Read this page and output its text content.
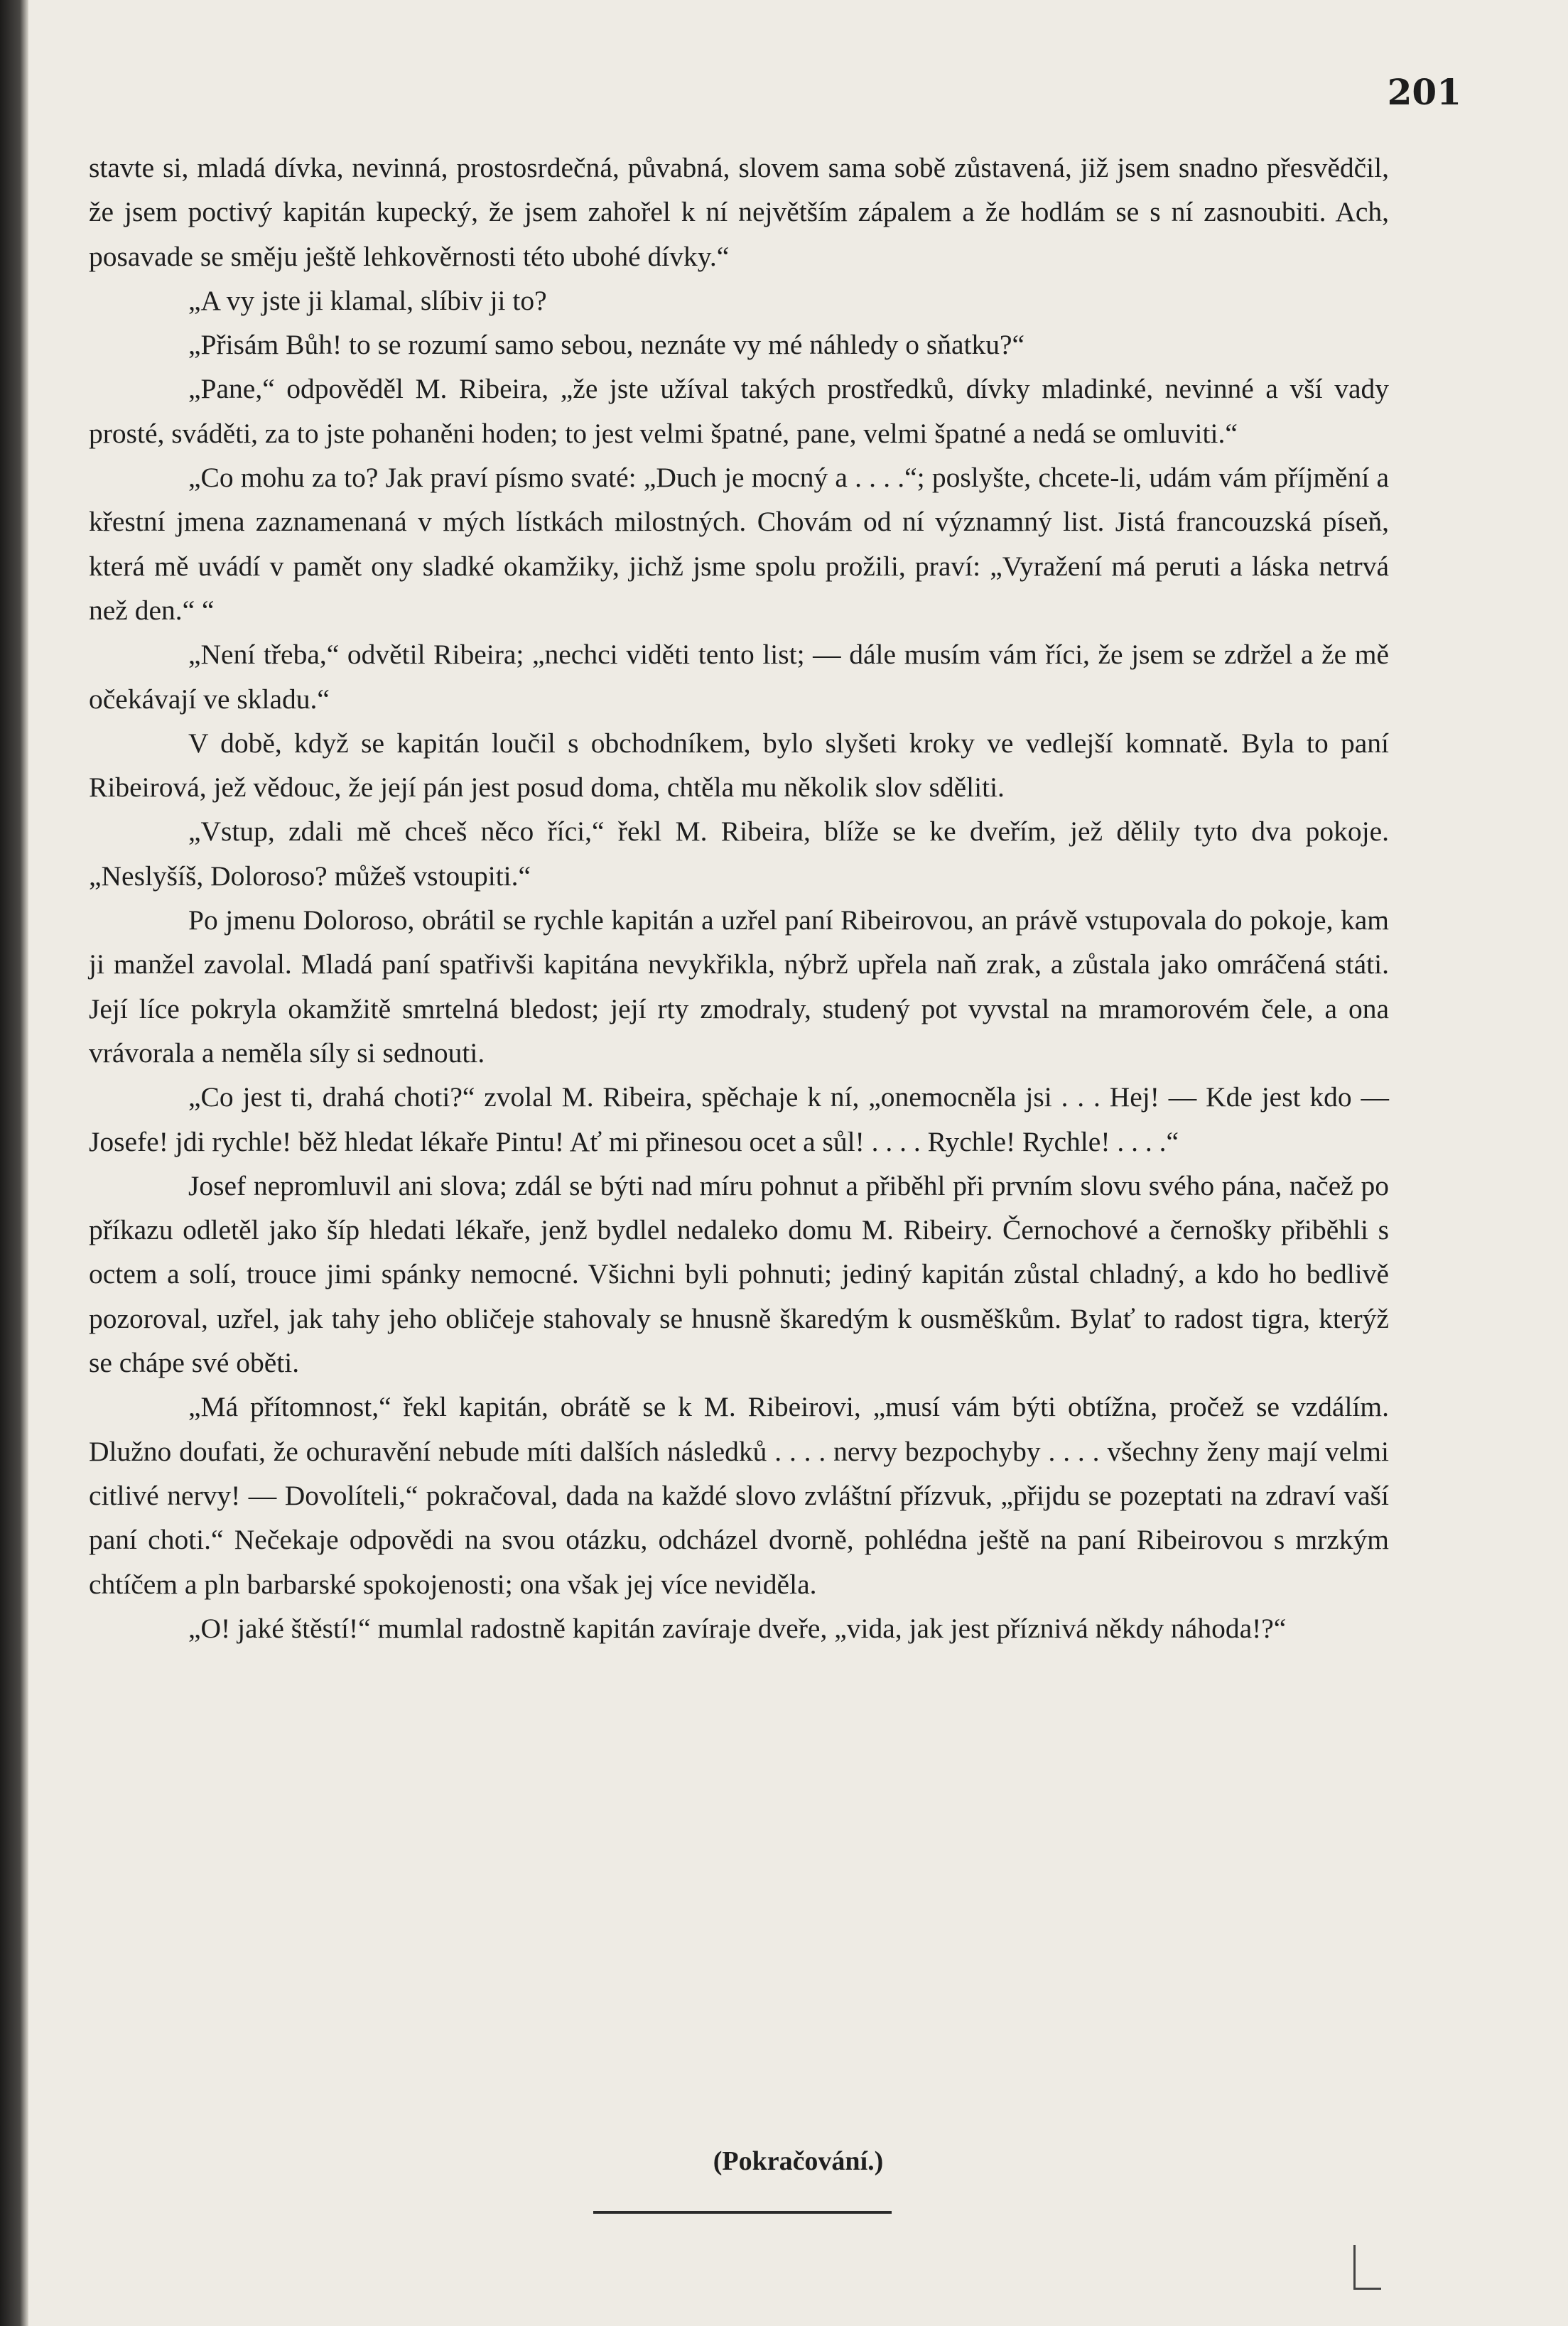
201

stavte si, mladá dívka, nevinná, prostosrdečná, půvabná, slovem sama sobě zůstavená, již jsem snadno přesvědčil, že jsem poctivý kapitán kupecký, že jsem zahořel k ní největším zápalem a že hodlám se s ní zasnoubiti. Ach, posavade se směju ještě lehkověrnosti této ubohé dívky.“

„A vy jste ji klamal, slíbiv ji to?

„Přisám Bůh! to se rozumí samo sebou, neznáte vy mé náhledy o sňatku?“

„Pane,“ odpověděl M. Ribeira, „že jste užíval takých prostředků, dívky mladinké, nevinné a vší vady prosté, sváděti, za to jste pohaněni hoden; to jest velmi špatné, pane, velmi špatné a nedá se omluviti.“

„Co mohu za to? Jak praví písmo svaté: „Duch je mocný a . . . .“; poslyšte, chcete-li, udám vám příjmění a křestní jmena zaznamenaná v mých lístkách milostných. Chovám od ní významný list. Jistá francouzská píseň, která mě uvádí v pamět ony sladké okamžiky, jichž jsme spolu prožili, praví: „Vyražení má peruti a láska netrvá než den.“ “

„Není třeba,“ odvětil Ribeira; „nechci viděti tento list; — dále musím vám říci, že jsem se zdržel a že mě očekávají ve skladu.“

V době, když se kapitán loučil s obchodníkem, bylo slyšeti kroky ve vedlejší komnatě. Byla to paní Ribeirová, jež vědouc, že její pán jest posud doma, chtěla mu několik slov sděliti.

„Vstup, zdali mě chceš něco říci,“ řekl M. Ribeira, blíže se ke dveřím, jež dělily tyto dva pokoje. „Neslyšíš, Doloroso? můžeš vstoupiti.“

Po jmenu Doloroso, obrátil se rychle kapitán a uzřel paní Ribeirovou, an právě vstupovala do pokoje, kam ji manžel zavolal. Mladá paní spatřivši kapitána nevykřikla, nýbrž upřela naň zrak, a zůstala jako omráčená státi. Její líce pokryla okamžitě smrtelná bledost; její rty zmodraly, studený pot vyvstal na mramorovém čele, a ona vrávorala a neměla síly si sednouti.

„Co jest ti, drahá choti?“ zvolal M. Ribeira, spěchaje k ní, „onemocněla jsi . . . Hej! — Kde jest kdo — Josefe! jdi rychle! běž hledat lékaře Pintu! Ať mi přinesou ocet a sůl! . . . . Rychle! Rychle! . . . .“

Josef nepromluvil ani slova; zdál se býti nad míru pohnut a přiběhl při prvním slovu svého pána, načež po příkazu odletěl jako šíp hledati lékaře, jenž bydlel nedaleko domu M. Ribeiry. Černochové a černošky přiběhli s octem a solí, trouce jimi spánky nemocné. Všichni byli pohnuti; jediný kapitán zůstal chladný, a kdo ho bedlivě pozoroval, uzřel, jak tahy jeho obličeje stahovaly se hnusně škaredým k ousměškům. Bylať to radost tigra, kterýž se chápe své oběti.

„Má přítomnost,“ řekl kapitán, obrátě se k M. Ribeirovi, „musí vám býti obtížna, pročež se vzdálím. Dlužno doufati, že ochuravění nebude míti dalších následků . . . . nervy bezpochyby . . . . všechny ženy mají velmi citlivé nervy! — Dovolíteli,“ pokračoval, dada na každé slovo zvláštní přízvuk, „přijdu se pozeptati na zdraví vaší paní choti.“ Nečekaje odpovědi na svou otázku, odcházel dvorně, pohlédna ještě na paní Ribeirovou s mrzkým chtíčem a pln barbarské spokojenosti; ona však jej více neviděla.

„O! jaké štěstí!“ mumlal radostně kapitán zavíraje dveře, „vida, jak jest příznivá někdy náhoda!?“

(Pokračování.)
